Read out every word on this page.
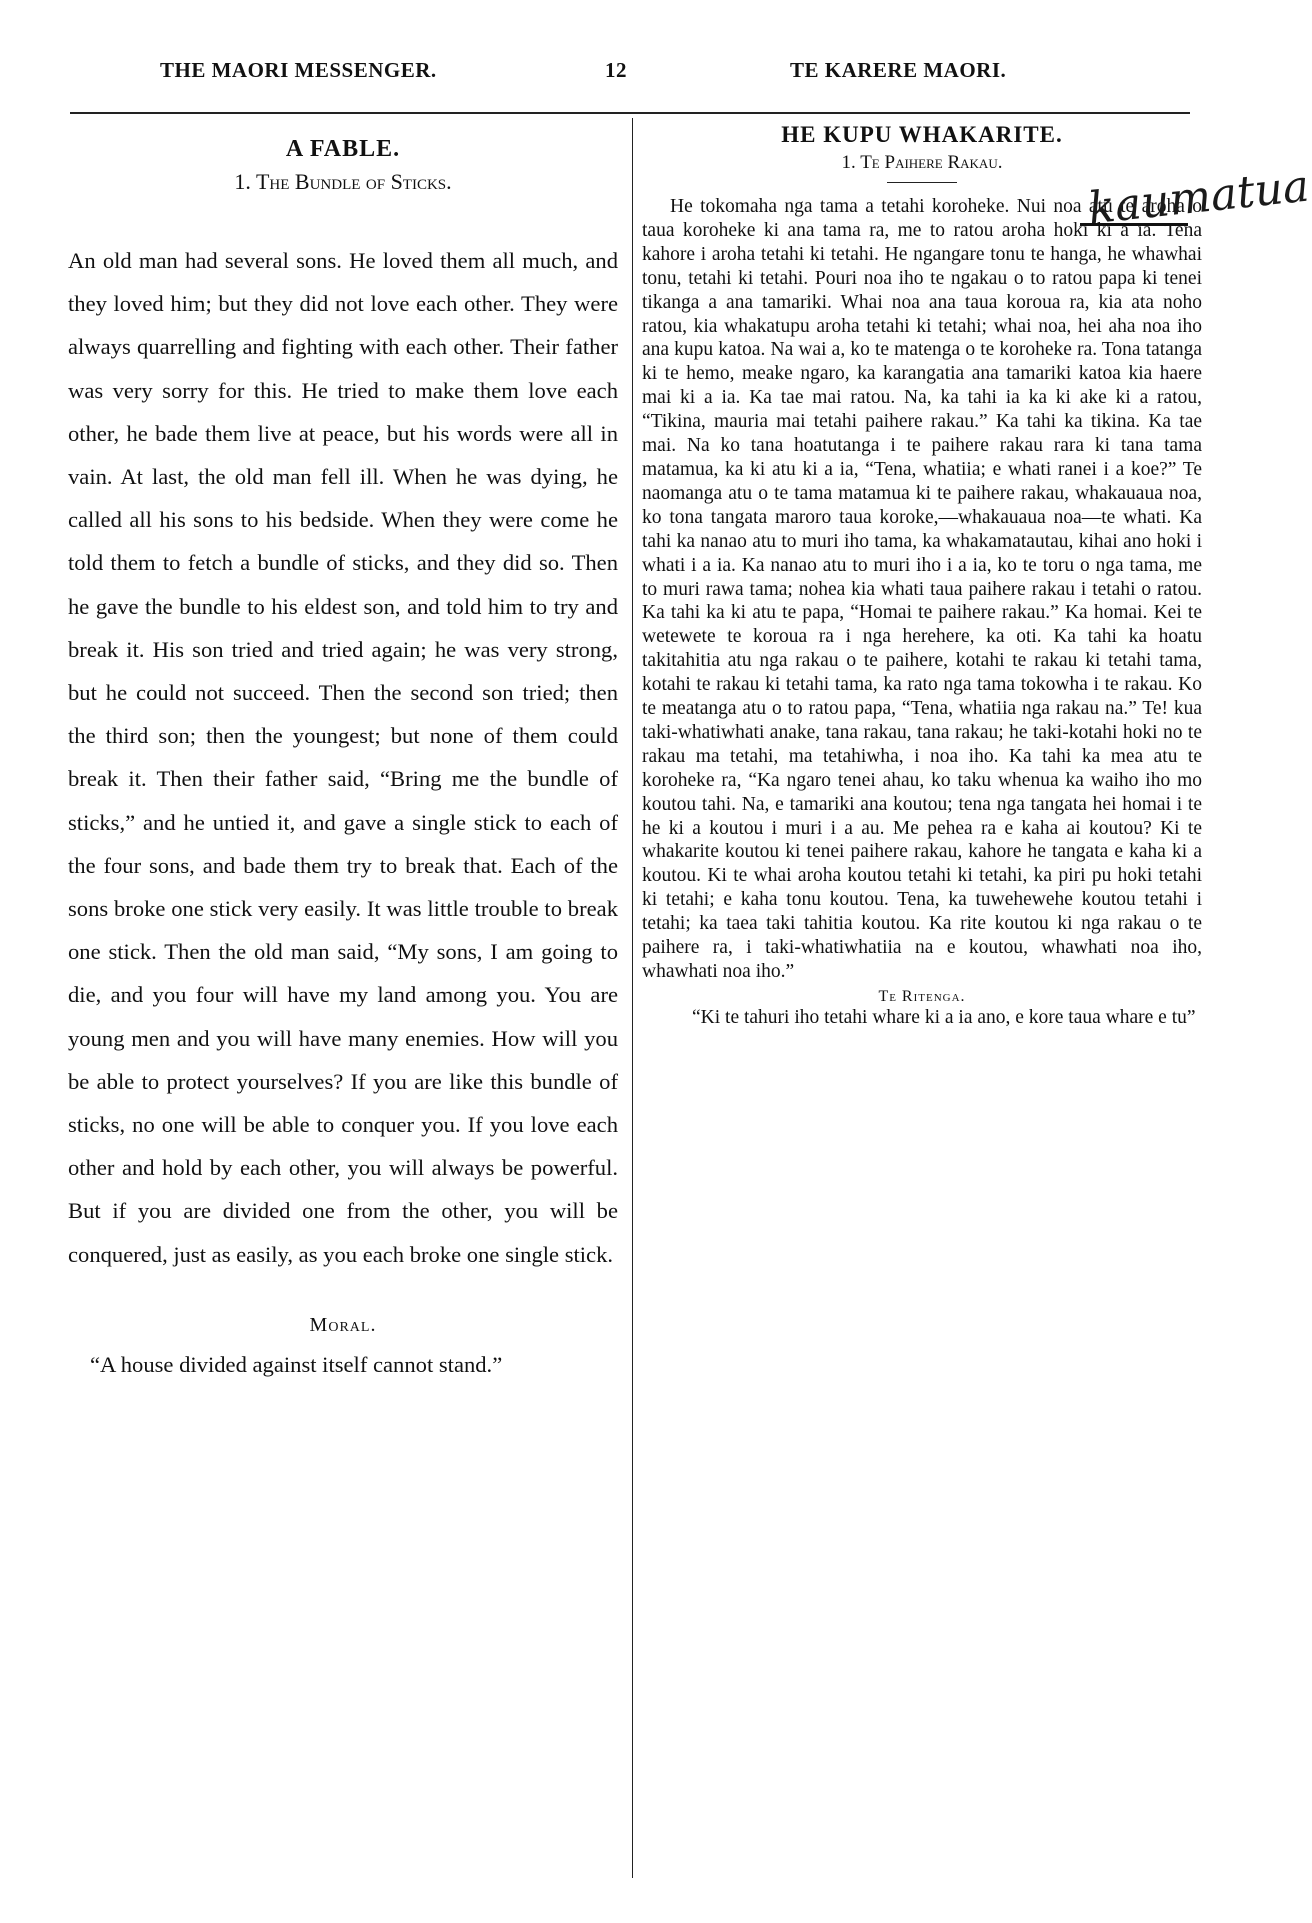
THE MAORI MESSENGER.	12	TE KARERE MAORI.

A FABLE.

1. The Bundle of Sticks.

An old man had several sons. He loved them all much, and they loved him; but they did not love each other. They were always quarrelling and fighting with each other. Their father was very sorry for this. He tried to make them love each other, he bade them live at peace, but his words were all in vain. At last, the old man fell ill. When he was dying, he called all his sons to his bedside. When they were come he told them to fetch a bundle of sticks, and they did so. Then he gave the bundle to his eldest son, and told him to try and break it. His son tried and tried again; he was very strong, but he could not succeed. Then the second son tried; then the third son; then the youngest; but none of them could break it. Then their father said, “Bring me the bundle of sticks,” and he untied it, and gave a single stick to each of the four sons, and bade them try to break that. Each of the sons broke one stick very easily. It was little trouble to break one stick. Then the old man said, “My sons, I am going to die, and you four will have my land among you. You are young men and you will have many enemies. How will you be able to protect yourselves? If you are like this bundle of sticks, no one will be able to conquer you. If you love each other and hold by each other, you will always be powerful. But if you are divided one from the other, you will be conquered, just as easily, as you each broke one single stick.

Moral.

“A house divided against itself cannot stand.”

HE KUPU WHAKARITE.

1. Te Paihere Rakau.

He tokomaha nga tama a tetahi koroheke. Nui noa atu te aroha o taua koroheke ki ana tama ra, me to ratou aroha hoki ki a ia. Tena kahore i aroha tetahi ki tetahi. He ngangare tonu te hanga, he whawhai tonu, tetahi ki tetahi. Pouri noa iho te ngakau o to ratou papa ki tenei tikanga a ana tamariki. Whai noa ana taua koroua ra, kia ata noho ratou, kia whakatupu aroha tetahi ki tetahi; whai noa, hei aha noa iho ana kupu katoa. Na wai a, ko te matenga o te koroheke ra. Tona tatanga ki te hemo, meake ngaro, ka karangatia ana tamariki katoa kia haere mai ki a ia. Ka tae mai ratou. Na, ka tahi ia ka ki ake ki a ratou, “Tikina, mauria mai tetahi paihere rakau.” Ka tahi ka tikina. Ka tae mai. Na ko tana hoatutanga i te paihere rakau rara ki tana tama matamua, ka ki atu ki a ia, “Tena, whatiia; e whati ranei i a koe?” Te naomanga atu o te tama matamua ki te paihere rakau, whakauaua noa, ko tona tangata maroro taua koroke,—whakauaua noa—te whati. Ka tahi ka nanao atu to muri iho tama, ka whakamatautau, kihai ano hoki i whati i a ia. Ka nanao atu to muri iho i a ia, ko te toru o nga tama, me to muri rawa tama; nohea kia whati taua paihere rakau i tetahi o ratou. Ka tahi ka ki atu te papa, “Homai te paihere rakau.” Ka homai. Kei te wetewete te koroua ra i nga herehere, ka oti. Ka tahi ka hoatu takitahitia atu nga rakau o te paihere, kotahi te rakau ki tetahi tama, kotahi te rakau ki tetahi tama, ka rato nga tama tokowha i te rakau. Ko te meatanga atu o to ratou papa, “Tena, whatiia nga rakau na.” Te! kua taki-whatiwhati anake, tana rakau, tana rakau; he taki-kotahi hoki no te rakau ma tetahi, ma tetahiwha, i noa iho. Ka tahi ka mea atu te koroheke ra, “Ka ngaro tenei ahau, ko taku whenua ka waiho iho mo koutou tahi. Na, e tamariki ana koutou; tena nga tangata hei homai i te he ki a koutou i muri i a au. Me pehea ra e kaha ai koutou? Ki te whakarite koutou ki tenei paihere rakau, kahore he tangata e kaha ki a koutou. Ki te whai aroha koutou tetahi ki tetahi, ka piri pu hoki tetahi ki tetahi; e kaha tonu koutou. Tena, ka tuwehewehe koutou tetahi i tetahi; ka taea taki tahitia koutou. Ka rite koutou ki nga rakau o te paihere ra, i taki-whatiwhatiia na e koutou, whawhati noa iho, whawhati noa iho.”

Te Ritenga.

“Ki te tahuri iho tetahi whare ki a ia ano, e kore taua whare e tu”

kaumatua
